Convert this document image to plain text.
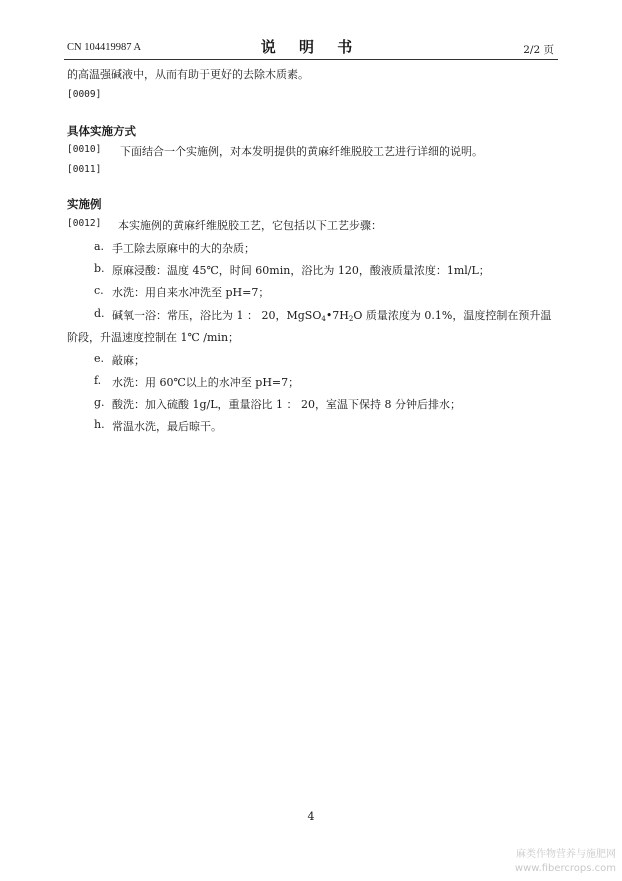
CN 104419987 A	说 明 书	2/2 页
的高温强碱液中，从而有助于更好的去除木质素。
[0009]
具体实施方式
[0010] 下面结合一个实施例，对本发明提供的黄麻纤维脱胶工艺进行详细的说明。
[0011]
实施例
[0012] 本实施例的黄麻纤维脱胶工艺，它包括以下工艺步骤：
a. 手工除去原麻中的大的杂质；
b. 原麻浸酸：温度 45℃，时间 60min，浴比为 120，酸液质量浓度：1ml/L；
c. 水洗：用自来水冲洗至 pH=7；
d. 碱氧一浴：常压，浴比为 1 ： 20，$MgSO_4•7H_2O$ 质量浓度为 0.1%，温度控制在预升温
阶段，升温速度控制在 1℃ /min；
e. 敲麻；
f. 水洗：用 60℃以上的水冲至 pH=7；
g. 酸洗：加入硫酸 1g/L，重量浴比 1 ： 20，室温下保持 8 分钟后排水；
h. 常温水洗，最后晾干。
4
麻类作物营养与施肥网
www.fibercrops.com
